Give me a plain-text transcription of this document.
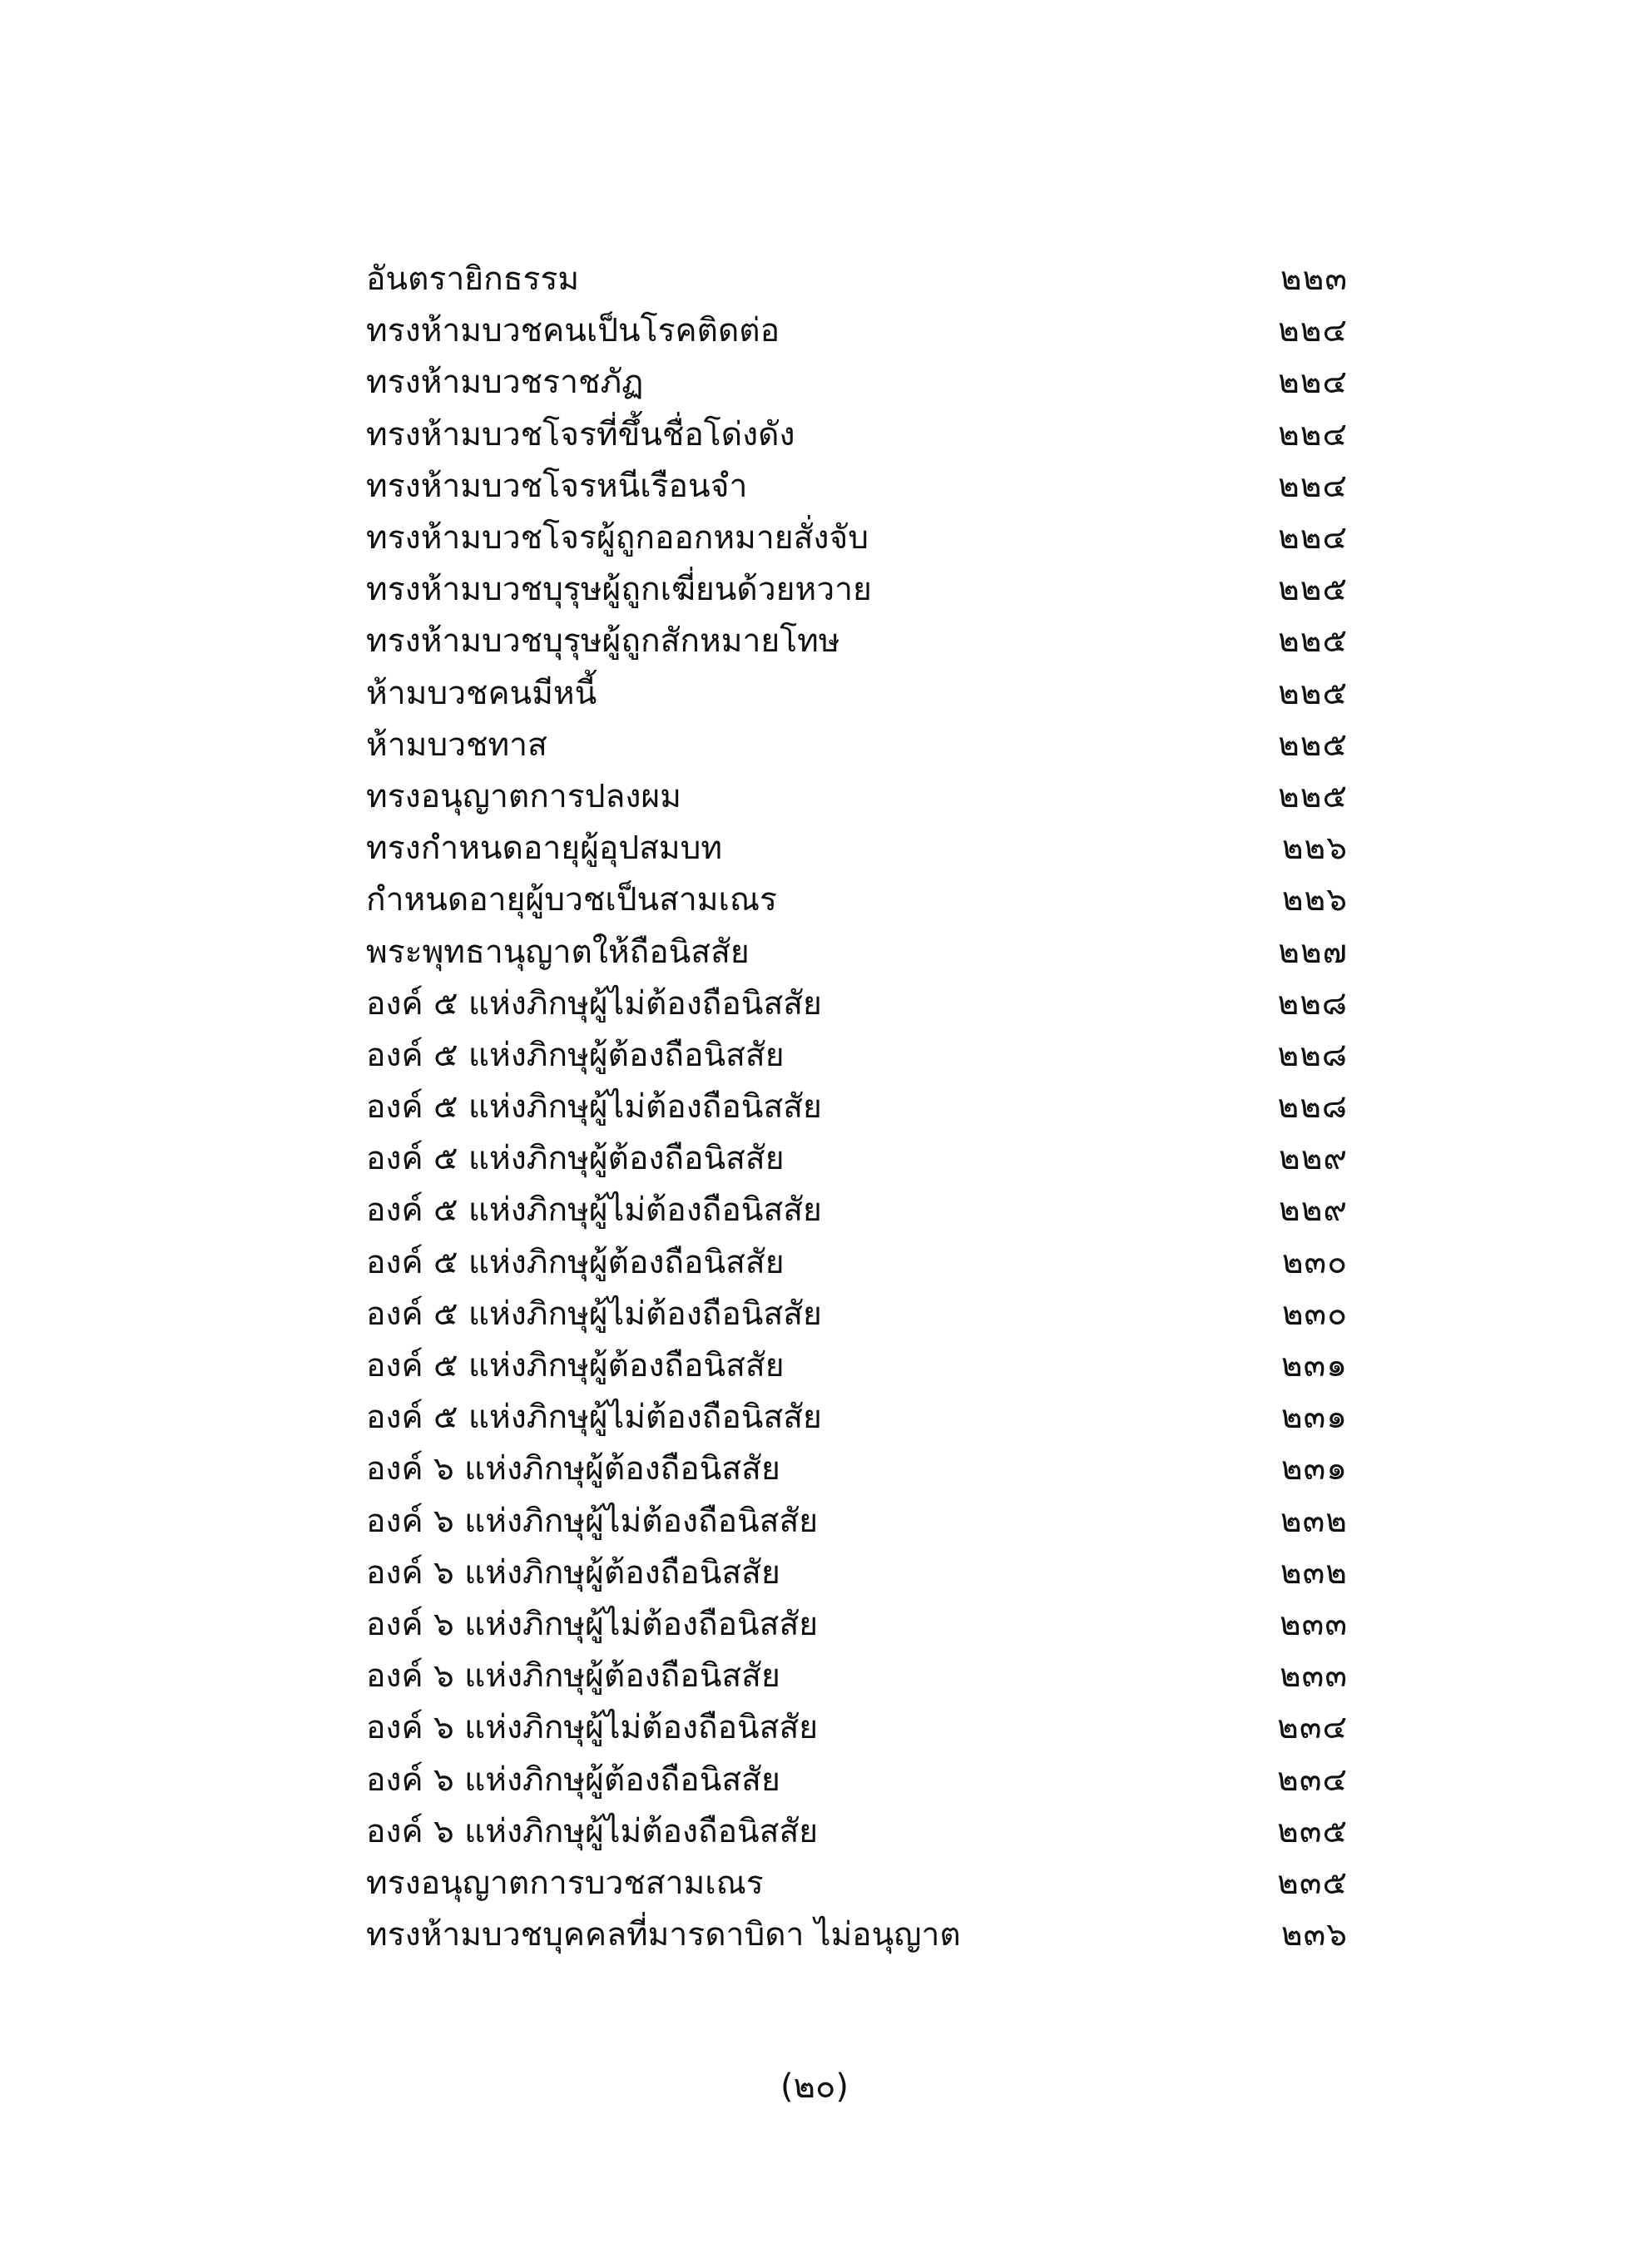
อันตรายิกธรรม	๒๒๓
ทรงห้ามบวชคนเป็นโรคติดต่อ	๒๒๔
ทรงห้ามบวชราชภัฏ	๒๒๔
ทรงห้ามบวชโจรที่ขึ้นชื่อโด่งดัง	๒๒๔
ทรงห้ามบวชโจรหนีเรือนจำ	๒๒๔
ทรงห้ามบวชโจรผู้ถูกออกหมายสั่งจับ	๒๒๔
ทรงห้ามบวชบุรุษผู้ถูกเฆี่ยนด้วยหวาย	๒๒๕
ทรงห้ามบวชบุรุษผู้ถูกสักหมายโทษ	๒๒๕
ห้ามบวชคนมีหนี้	๒๒๕
ห้ามบวชทาส	๒๒๕
ทรงอนุญาตการปลงผม	๒๒๕
ทรงกำหนดอายุผู้อุปสมบท	๒๒๖
กำหนดอายุผู้บวชเป็นสามเณร	๒๒๖
พระพุทธานุญาตให้ถือนิสสัย	๒๒๗
องค์ ๕ แห่งภิกษุผู้ไม่ต้องถือนิสสัย	๒๒๘
องค์ ๕ แห่งภิกษุผู้ต้องถือนิสสัย	๒๒๘
องค์ ๕ แห่งภิกษุผู้ไม่ต้องถือนิสสัย	๒๒๘
องค์ ๕ แห่งภิกษุผู้ต้องถือนิสสัย	๒๒๙
องค์ ๕ แห่งภิกษุผู้ไม่ต้องถือนิสสัย	๒๒๙
องค์ ๕ แห่งภิกษุผู้ต้องถือนิสสัย	๒๓๐
องค์ ๕ แห่งภิกษุผู้ไม่ต้องถือนิสสัย	๒๓๐
องค์ ๕ แห่งภิกษุผู้ต้องถือนิสสัย	๒๓๑
องค์ ๕ แห่งภิกษุผู้ไม่ต้องถือนิสสัย	๒๓๑
องค์ ๖ แห่งภิกษุผู้ต้องถือนิสสัย	๒๓๑
องค์ ๖ แห่งภิกษุผู้ไม่ต้องถือนิสสัย	๒๓๒
องค์ ๖ แห่งภิกษุผู้ต้องถือนิสสัย	๒๓๒
องค์ ๖ แห่งภิกษุผู้ไม่ต้องถือนิสสัย	๒๓๓
องค์ ๖ แห่งภิกษุผู้ต้องถือนิสสัย	๒๓๓
องค์ ๖ แห่งภิกษุผู้ไม่ต้องถือนิสสัย	๒๓๔
องค์ ๖ แห่งภิกษุผู้ต้องถือนิสสัย	๒๓๔
องค์ ๖ แห่งภิกษุผู้ไม่ต้องถือนิสสัย	๒๓๕
ทรงอนุญาตการบวชสามเณร	๒๓๕
ทรงห้ามบวชบุคคลที่มารดาบิดา ไม่อนุญาต	๒๓๖
(๒๐)
